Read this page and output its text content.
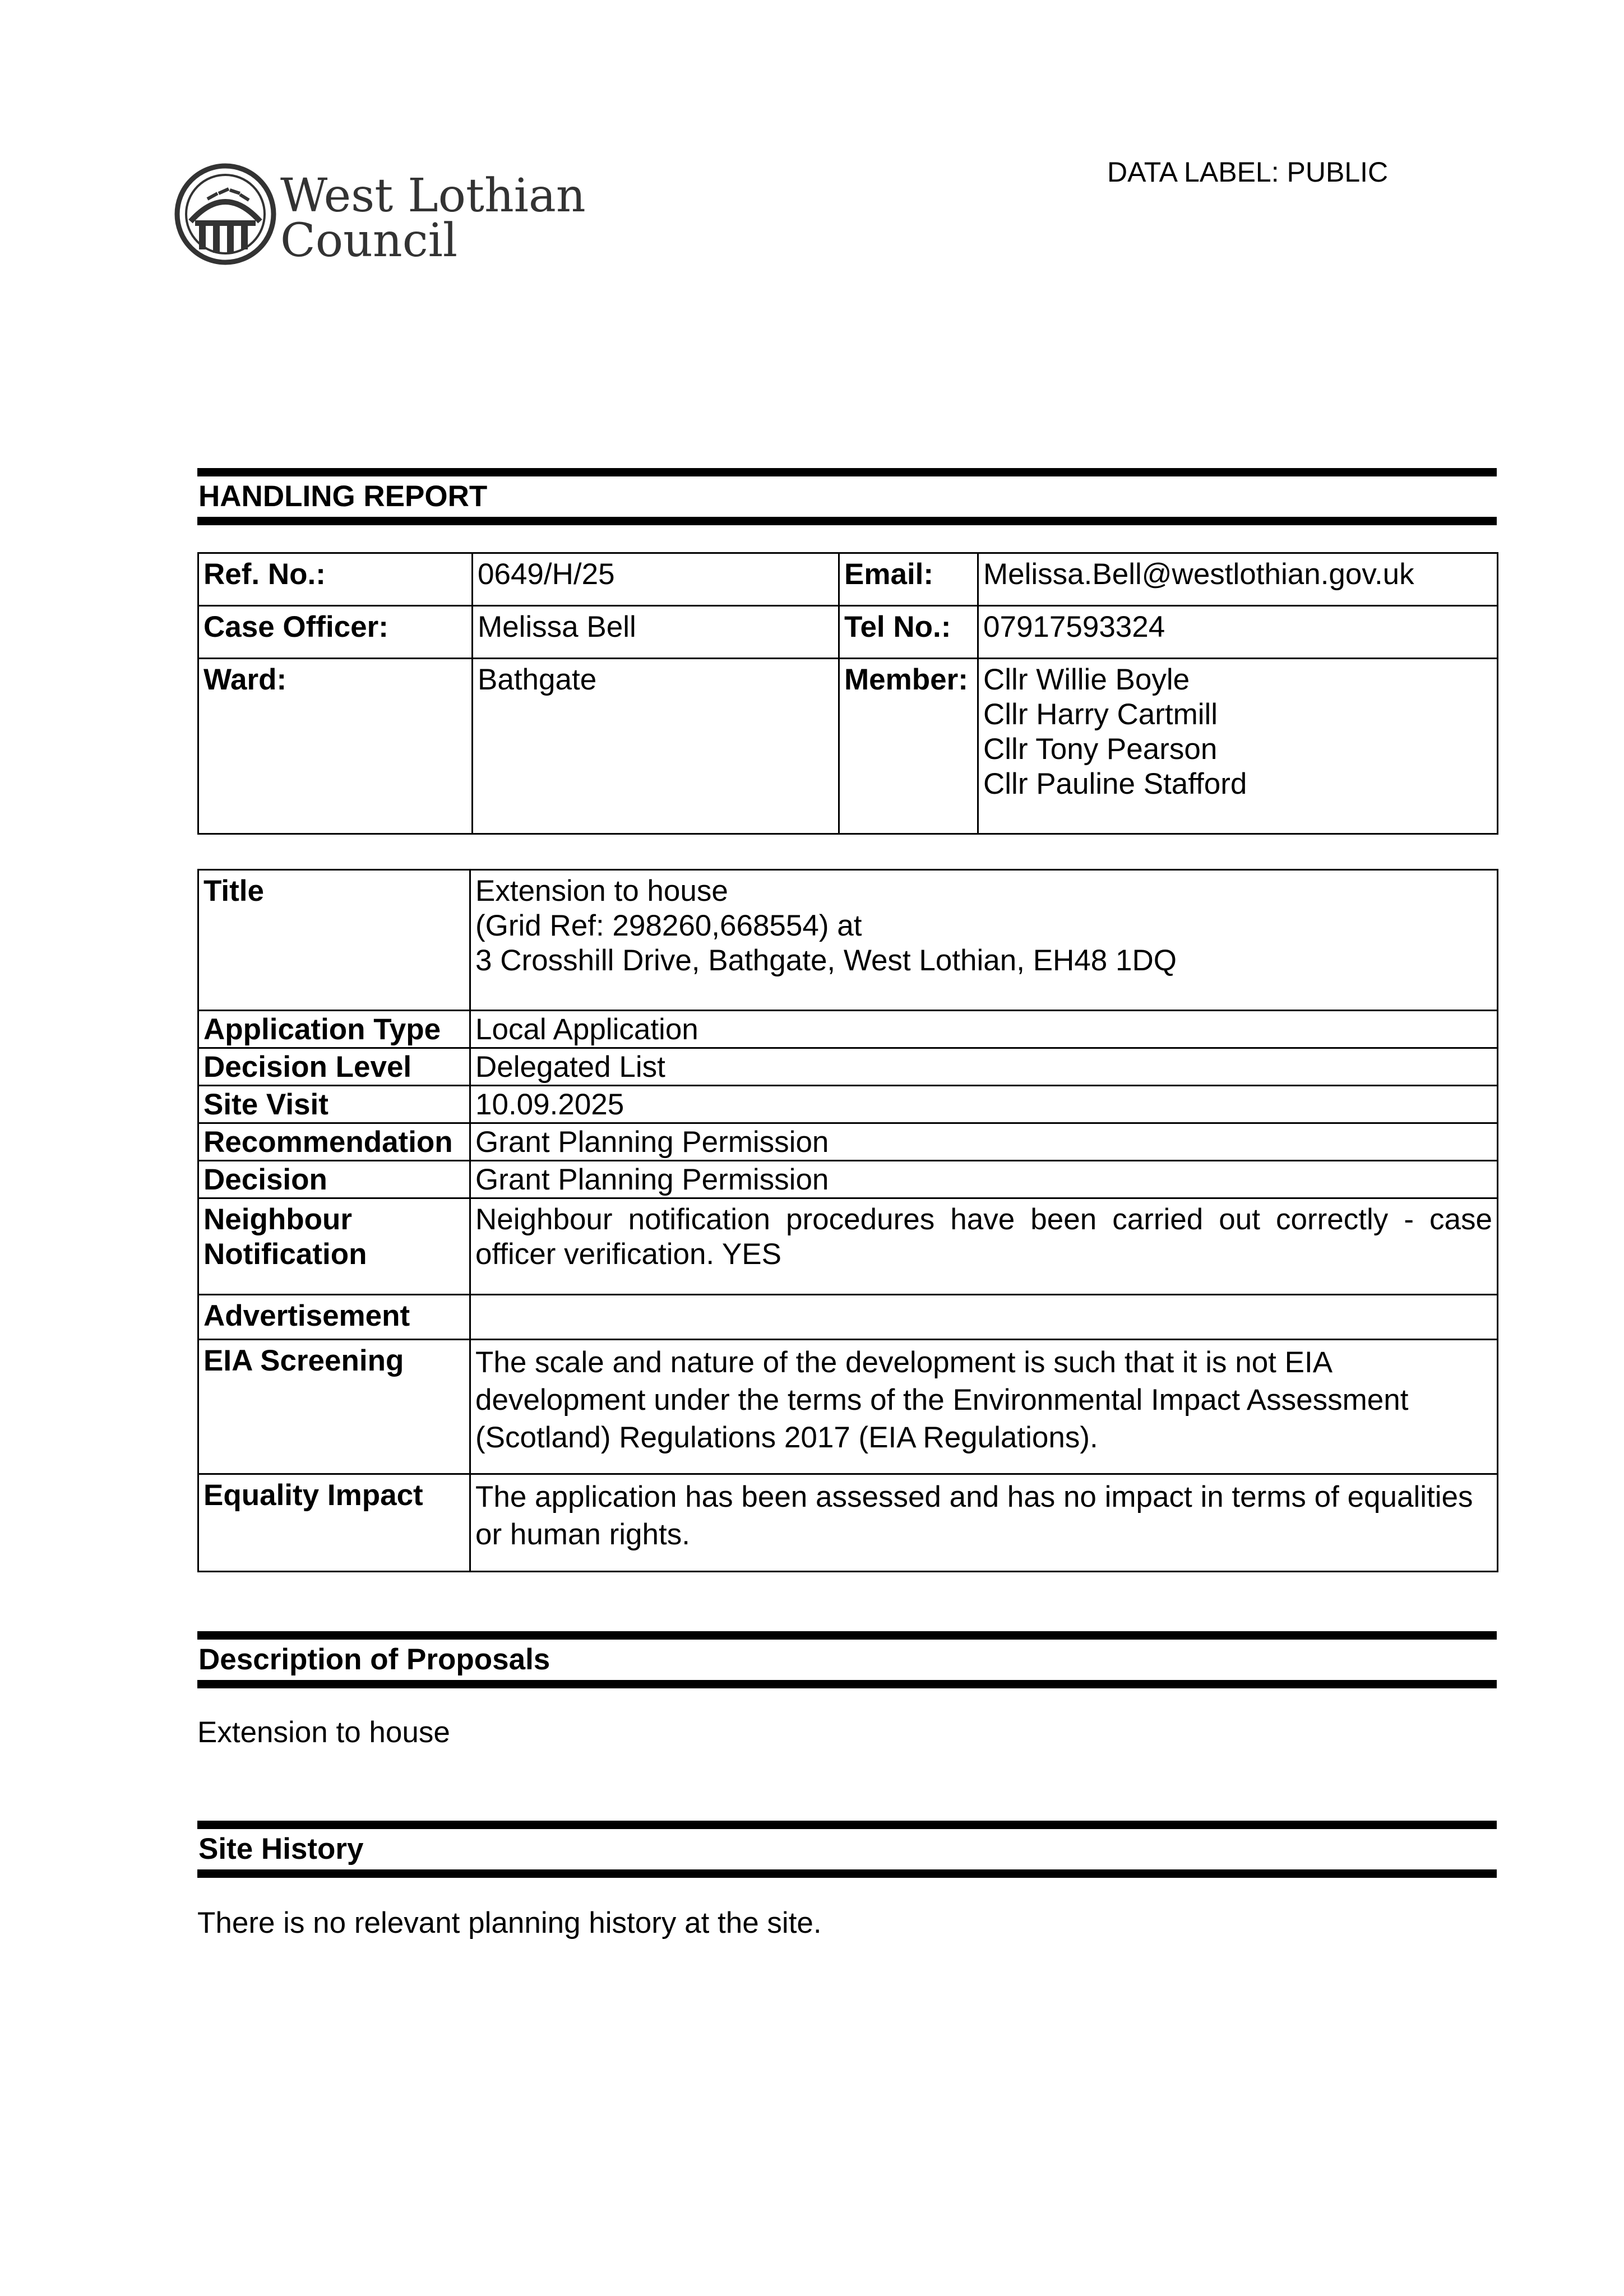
West Lothian
Council
DATA LABEL: PUBLIC
HANDLING REPORT
Ref. No.:	0649/H/25	Email:	Melissa.Bell@westlothian.gov.uk
Case Officer:	Melissa Bell	Tel No.:	07917593324
Ward:	Bathgate	Member:	Cllr Willie Boyle
Cllr Harry Cartmill
Cllr Tony Pearson
Cllr Pauline Stafford
Title	Extension to house
(Grid Ref: 298260,668554) at
3 Crosshill Drive, Bathgate, West Lothian, EH48 1DQ

Application Type	Local Application
Decision Level	Delegated List
Site Visit	10.09.2025
Recommendation	Grant Planning Permission
Decision	Grant Planning Permission

Neighbour
Notification	Neighbour notification procedures have been carried out correctly - case officer verification. YES
Advertisement	
EIA Screening	The scale and nature of the development is such that it is not EIA
development under the terms of the Environmental Impact Assessment
(Scotland) Regulations 2017 (EIA Regulations).

Equality Impact	The application has been assessed and has no impact in terms of equalities or human rights.
Description of Proposals
Extension to house
Site History
There is no relevant planning history at the site.
